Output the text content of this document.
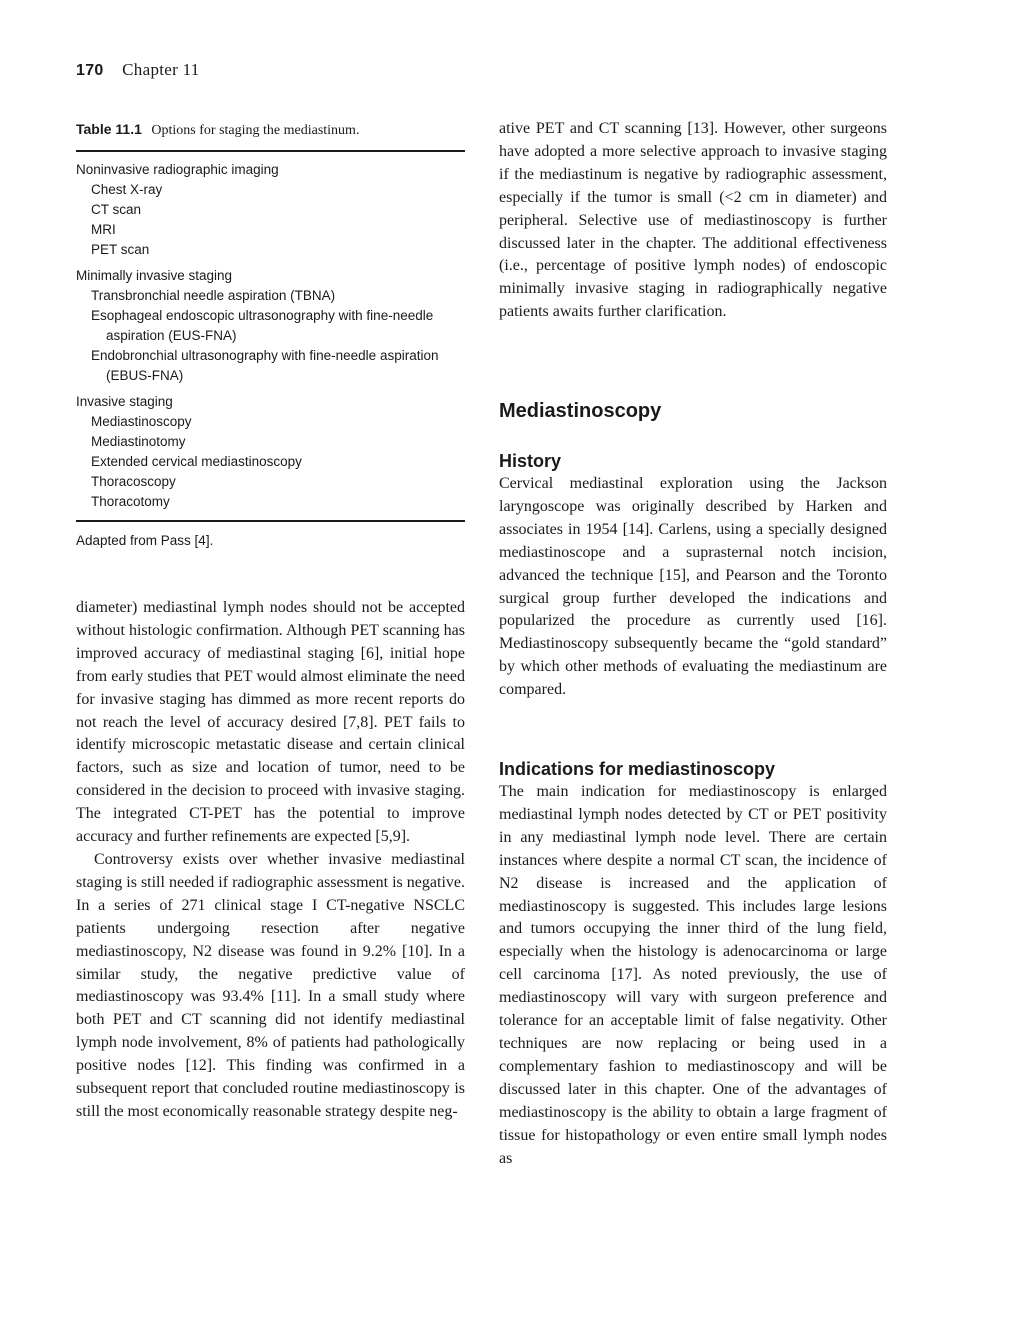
170 Chapter 11
Table 11.1 Options for staging the mediastinum.
Noninvasive radiographic imaging
Chest X-ray
CT scan
MRI
PET scan
Minimally invasive staging
Transbronchial needle aspiration (TBNA)
Esophageal endoscopic ultrasonography with fine-needle aspiration (EUS-FNA)
Endobronchial ultrasonography with fine-needle aspiration (EBUS-FNA)
Invasive staging
Mediastinoscopy
Mediastinotomy
Extended cervical mediastinoscopy
Thoracoscopy
Thoracotomy
Adapted from Pass [4].

diameter) mediastinal lymph nodes should not be accepted without histologic confirmation. Although PET scanning has improved accuracy of mediastinal staging [6], initial hope from early studies that PET would almost eliminate the need for invasive staging has dimmed as more recent reports do not reach the level of accuracy desired [7,8]. PET fails to identify microscopic metastatic disease and certain clinical factors, such as size and location of tumor, need to be considered in the decision to proceed with invasive staging. The integrated CT-PET has the potential to improve accuracy and further refinements are expected [5,9].

Controversy exists over whether invasive mediastinal staging is still needed if radiographic assessment is negative. In a series of 271 clinical stage I CT-negative NSCLC patients undergoing resection after negative mediastinoscopy, N2 disease was found in 9.2% [10]. In a similar study, the negative predictive value of mediastinoscopy was 93.4% [11]. In a small study where both PET and CT scanning did not identify mediastinal lymph node involvement, 8% of patients had pathologically positive nodes [12]. This finding was confirmed in a subsequent report that concluded routine mediastinoscopy is still the most economically reasonable strategy despite neg-

ative PET and CT scanning [13]. However, other surgeons have adopted a more selective approach to invasive staging if the mediastinum is negative by radiographic assessment, especially if the tumor is small (<2 cm in diameter) and peripheral. Selective use of mediastinoscopy is further discussed later in the chapter. The additional effectiveness (i.e., percentage of positive lymph nodes) of endoscopic minimally invasive staging in radiographically negative patients awaits further clarification.

Mediastinoscopy
History

Cervical mediastinal exploration using the Jackson laryngoscope was originally described by Harken and associates in 1954 [14]. Carlens, using a specially designed mediastinoscope and a suprasternal notch incision, advanced the technique [15], and Pearson and the Toronto surgical group further developed the indications and popularized the procedure as currently used [16]. Mediastinoscopy subsequently became the “gold standard” by which other methods of evaluating the mediastinum are compared.

Indications for mediastinoscopy

The main indication for mediastinoscopy is enlarged mediastinal lymph nodes detected by CT or PET positivity in any mediastinal lymph node level. There are certain instances where despite a normal CT scan, the incidence of N2 disease is increased and the application of mediastinoscopy is suggested. This includes large lesions and tumors occupying the inner third of the lung field, especially when the histology is adenocarcinoma or large cell carcinoma [17]. As noted previously, the use of mediastinoscopy will vary with surgeon preference and tolerance for an acceptable limit of false negativity. Other techniques are now replacing or being used in a complementary fashion to mediastinoscopy and will be discussed later in this chapter. One of the advantages of mediastinoscopy is the ability to obtain a large fragment of tissue for histopathology or even entire small lymph nodes as
